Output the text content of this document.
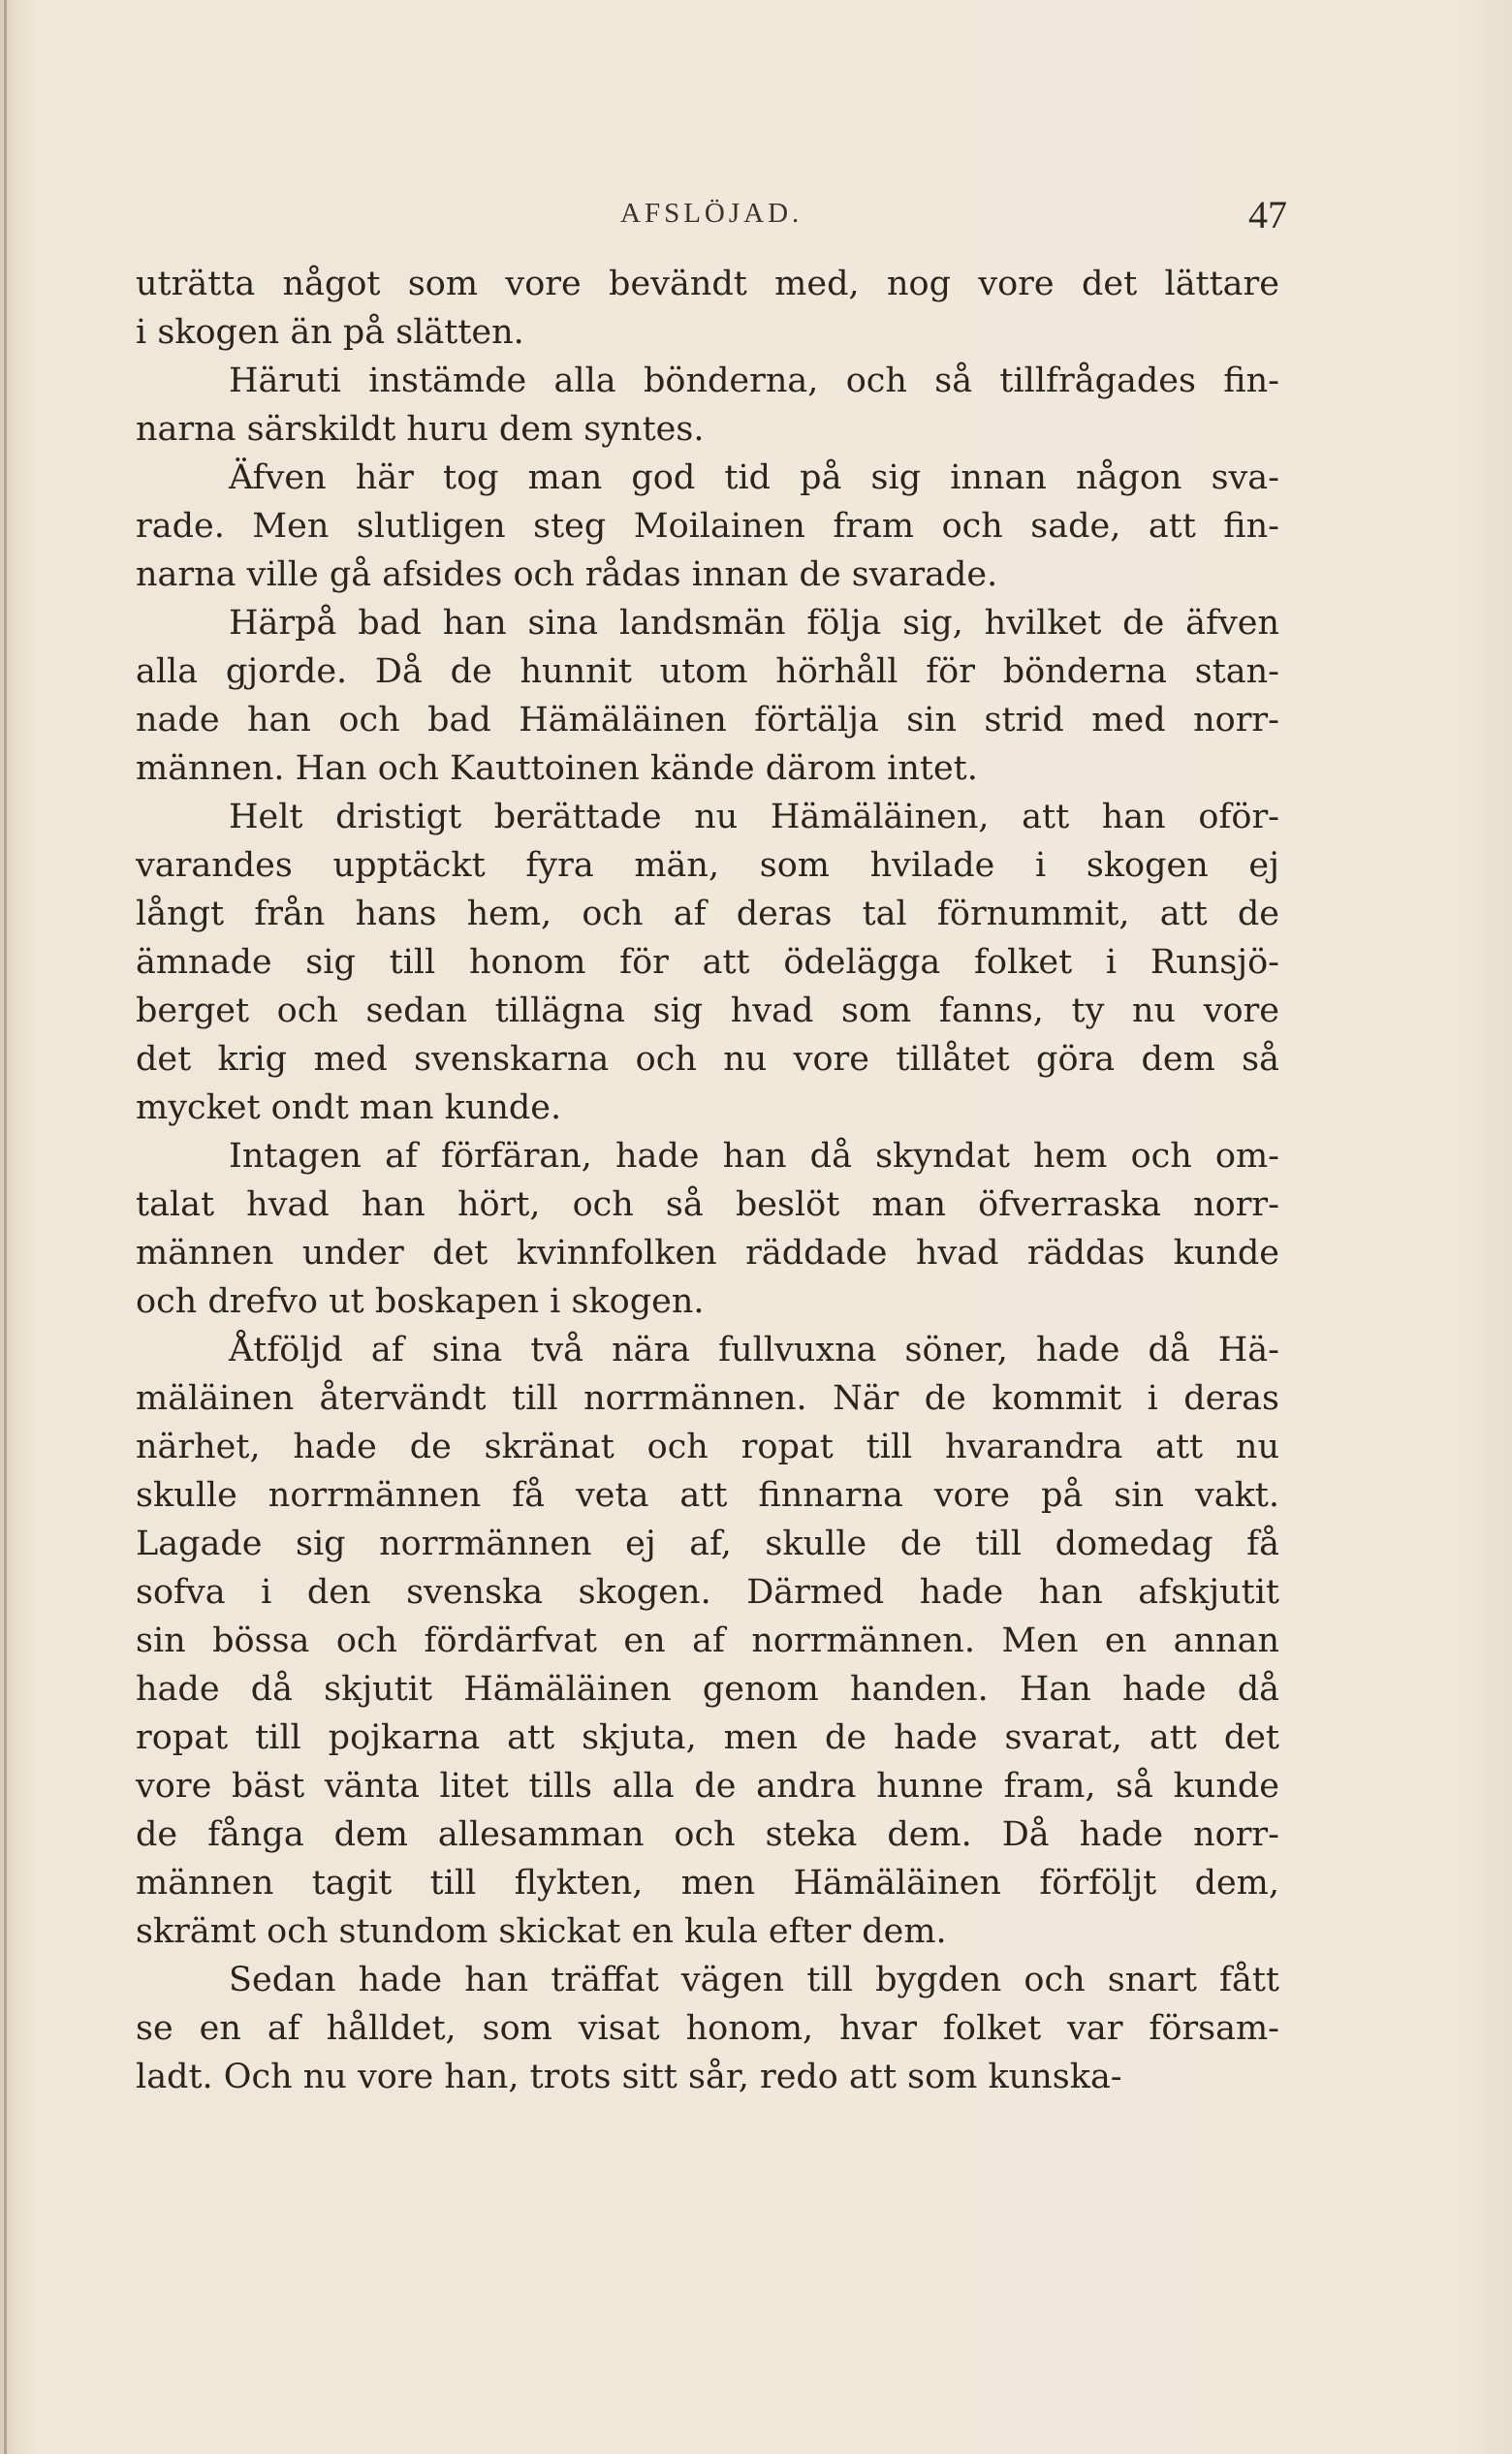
AFSLÖJAD.	47

uträtta något som vore bevändt med, nog vore det lättare
i skogen än på slätten.

Häruti instämde alla bönderna, och så tillfrågades fin-
narna särskildt huru dem syntes.

Äfven här tog man god tid på sig innan någon sva-
rade. Men slutligen steg Moilainen fram och sade, att fin-
narna ville gå afsides och rådas innan de svarade.

Härpå bad han sina landsmän följa sig, hvilket de äfven
alla gjorde. Då de hunnit utom hörhåll för bönderna stan-
nade han och bad Hämäläinen förtälja sin strid med norr-
männen. Han och Kauttoinen kände därom intet.

Helt dristigt berättade nu Hämäläinen, att han oför-
varandes upptäckt fyra män, som hvilade i skogen ej
långt från hans hem, och af deras tal förnummit, att de
ämnade sig till honom för att ödelägga folket i Runsjö-
berget och sedan tillägna sig hvad som fanns, ty nu vore
det krig med svenskarna och nu vore tillåtet göra dem så
mycket ondt man kunde.

Intagen af förfäran, hade han då skyndat hem och om-
talat hvad han hört, och så beslöt man öfverraska norr-
männen under det kvinnfolken räddade hvad räddas kunde
och drefvo ut boskapen i skogen.

Åtföljd af sina två nära fullvuxna söner, hade då Hä-
mäläinen återvändt till norrmännen. När de kommit i deras
närhet, hade de skränat och ropat till hvarandra att nu
skulle norrmännen få veta att finnarna vore på sin vakt.
Lagade sig norrmännen ej af, skulle de till domedag få
sofva i den svenska skogen. Därmed hade han afskjutit
sin bössa och fördärfvat en af norrmännen. Men en annan
hade då skjutit Hämäläinen genom handen. Han hade då
ropat till pojkarna att skjuta, men de hade svarat, att det
vore bäst vänta litet tills alla de andra hunne fram, så kunde
de fånga dem allesamman och steka dem. Då hade norr-
männen tagit till flykten, men Hämäläinen förföljt dem,
skrämt och stundom skickat en kula efter dem.

Sedan hade han träffat vägen till bygden och snart fått
se en af hålldet, som visat honom, hvar folket var försam-
ladt. Och nu vore han, trots sitt sår, redo att som kunska-
